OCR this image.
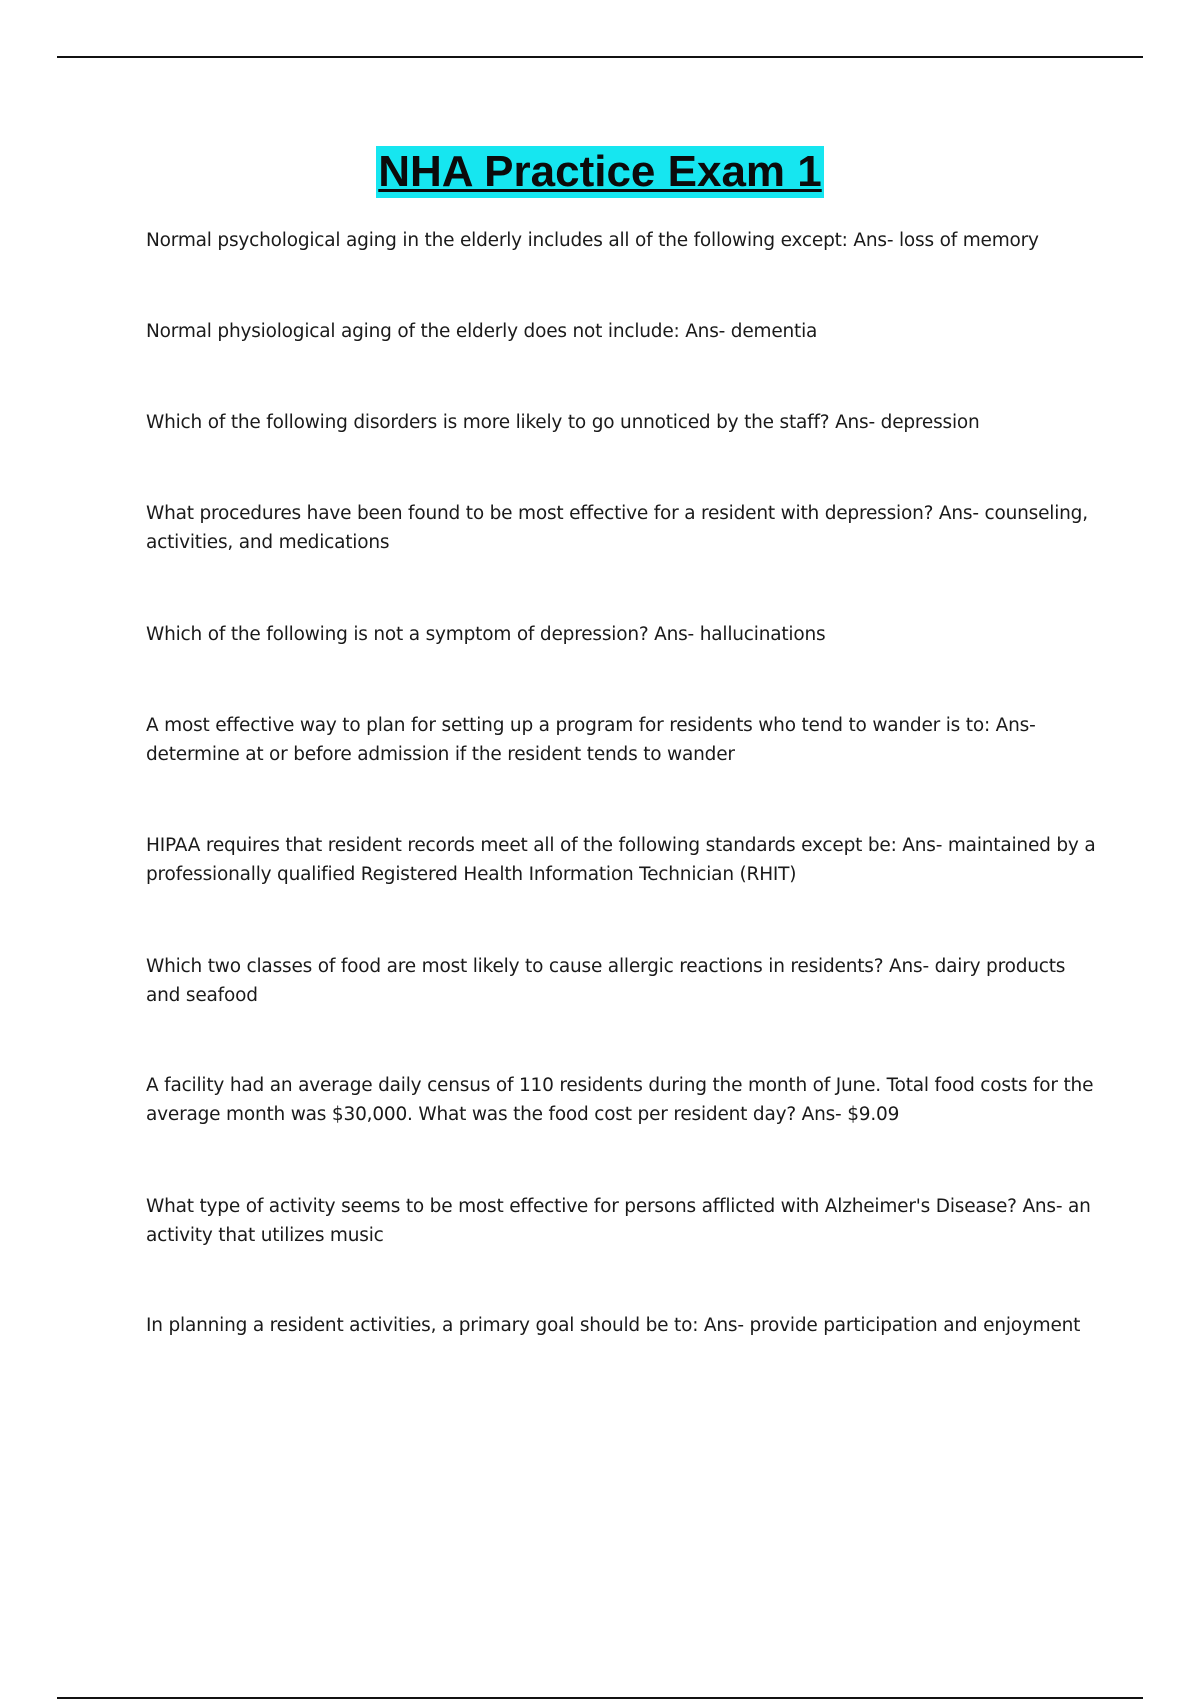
NHA Practice Exam 1
Normal psychological aging in the elderly includes all of the following except: Ans- loss of memory
Normal physiological aging of the elderly does not include: Ans- dementia
Which of the following disorders is more likely to go unnoticed by the staff? Ans- depression
What procedures have been found to be most effective for a resident with depression? Ans- counseling, activities, and medications
Which of the following is not a symptom of depression? Ans- hallucinations
A most effective way to plan for setting up a program for residents who tend to wander is to: Ans- determine at or before admission if the resident tends to wander
HIPAA requires that resident records meet all of the following standards except be: Ans- maintained by a professionally qualified Registered Health Information Technician (RHIT)
Which two classes of food are most likely to cause allergic reactions in residents? Ans- dairy products and seafood
A facility had an average daily census of 110 residents during the month of June. Total food costs for the average month was $30,000. What was the food cost per resident day? Ans- $9.09
What type of activity seems to be most effective for persons afflicted with Alzheimer's Disease? Ans- an activity that utilizes music
In planning a resident activities, a primary goal should be to: Ans- provide participation and enjoyment
